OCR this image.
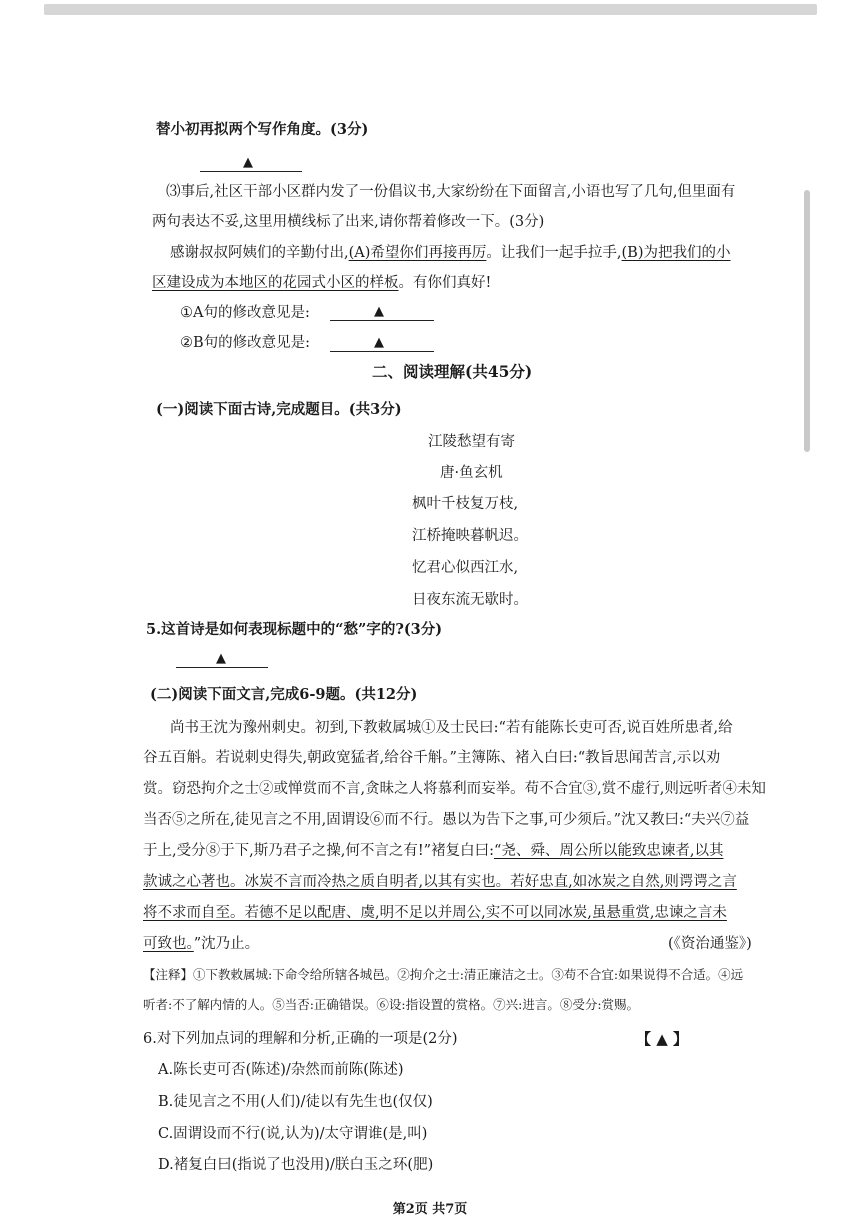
替小初再拟两个写作角度。(3分)
▲
⑶事后,社区干部小区群内发了一份倡议书,大家纷纷在下面留言,小语也写了几句,但里面有
两句表达不妥,这里用横线标了出来,请你帮着修改一下。(3分)
感谢叔叔阿姨们的辛勤付出,(A)希望你们再接再厉。让我们一起手拉手,(B)为把我们的小
区建设成为本地区的花园式小区的样板。有你们真好!
①A句的修改意见是:	▲
②B句的修改意见是:	▲
二、阅读理解(共45分)
(一)阅读下面古诗,完成题目。(共3分)
江陵愁望有寄
唐·鱼玄机
枫叶千枝复万枝,
江桥掩映暮帆迟。
忆君心似西江水,
日夜东流无歇时。
5.这首诗是如何表现标题中的“愁”字的?(3分)
▲
(二)阅读下面文言,完成6-9题。(共12分)
尚书王沈为豫州刺史。初到,下教敕属城①及士民曰:“若有能陈长吏可否,说百姓所患者,给
谷五百斛。若说刺史得失,朝政宽猛者,给谷千斛。”主簿陈、褚入白曰:“教旨思闻苦言,示以劝
赏。窃恐拘介之士②或惮赏而不言,贪昧之人将慕利而妄举。苟不合宜③,赏不虚行,则远听者④未知
当否⑤之所在,徒见言之不用,固谓设⑥而不行。愚以为告下之事,可少须后。”沈又教曰:“夫兴⑦益
于上,受分⑧于下,斯乃君子之操,何不言之有!”褚复白曰:“尧、舜、周公所以能致忠谏者,以其
款诚之心著也。冰炭不言而冷热之质自明者,以其有实也。若好忠直,如冰炭之自然,则谔谔之言
将不求而自至。若德不足以配唐、虞,明不足以并周公,实不可以同冰炭,虽悬重赏,忠谏之言未
可致也。”沈乃止。	(《资治通鉴》)
【注释】①下教敕属城:下命令给所辖各城邑。②拘介之士:清正廉洁之士。③苟不合宜:如果说得不合适。④远
听者:不了解内情的人。⑤当否:正确错误。⑥设:指设置的赏格。⑦兴:进言。⑧受分:赏赐。
6.对下列加点词的理解和分析,正确的一项是(2分)	【 ▲ 】
A.陈长吏可否(陈述)/杂然而前陈(陈述)
B.徒见言之不用(人们)/徒以有先生也(仅仅)
C.固谓设而不行(说,认为)/太守谓谁(是,叫)
D.褚复白曰(指说了也没用)/朕白玉之环(肥)
第2页 共7页
